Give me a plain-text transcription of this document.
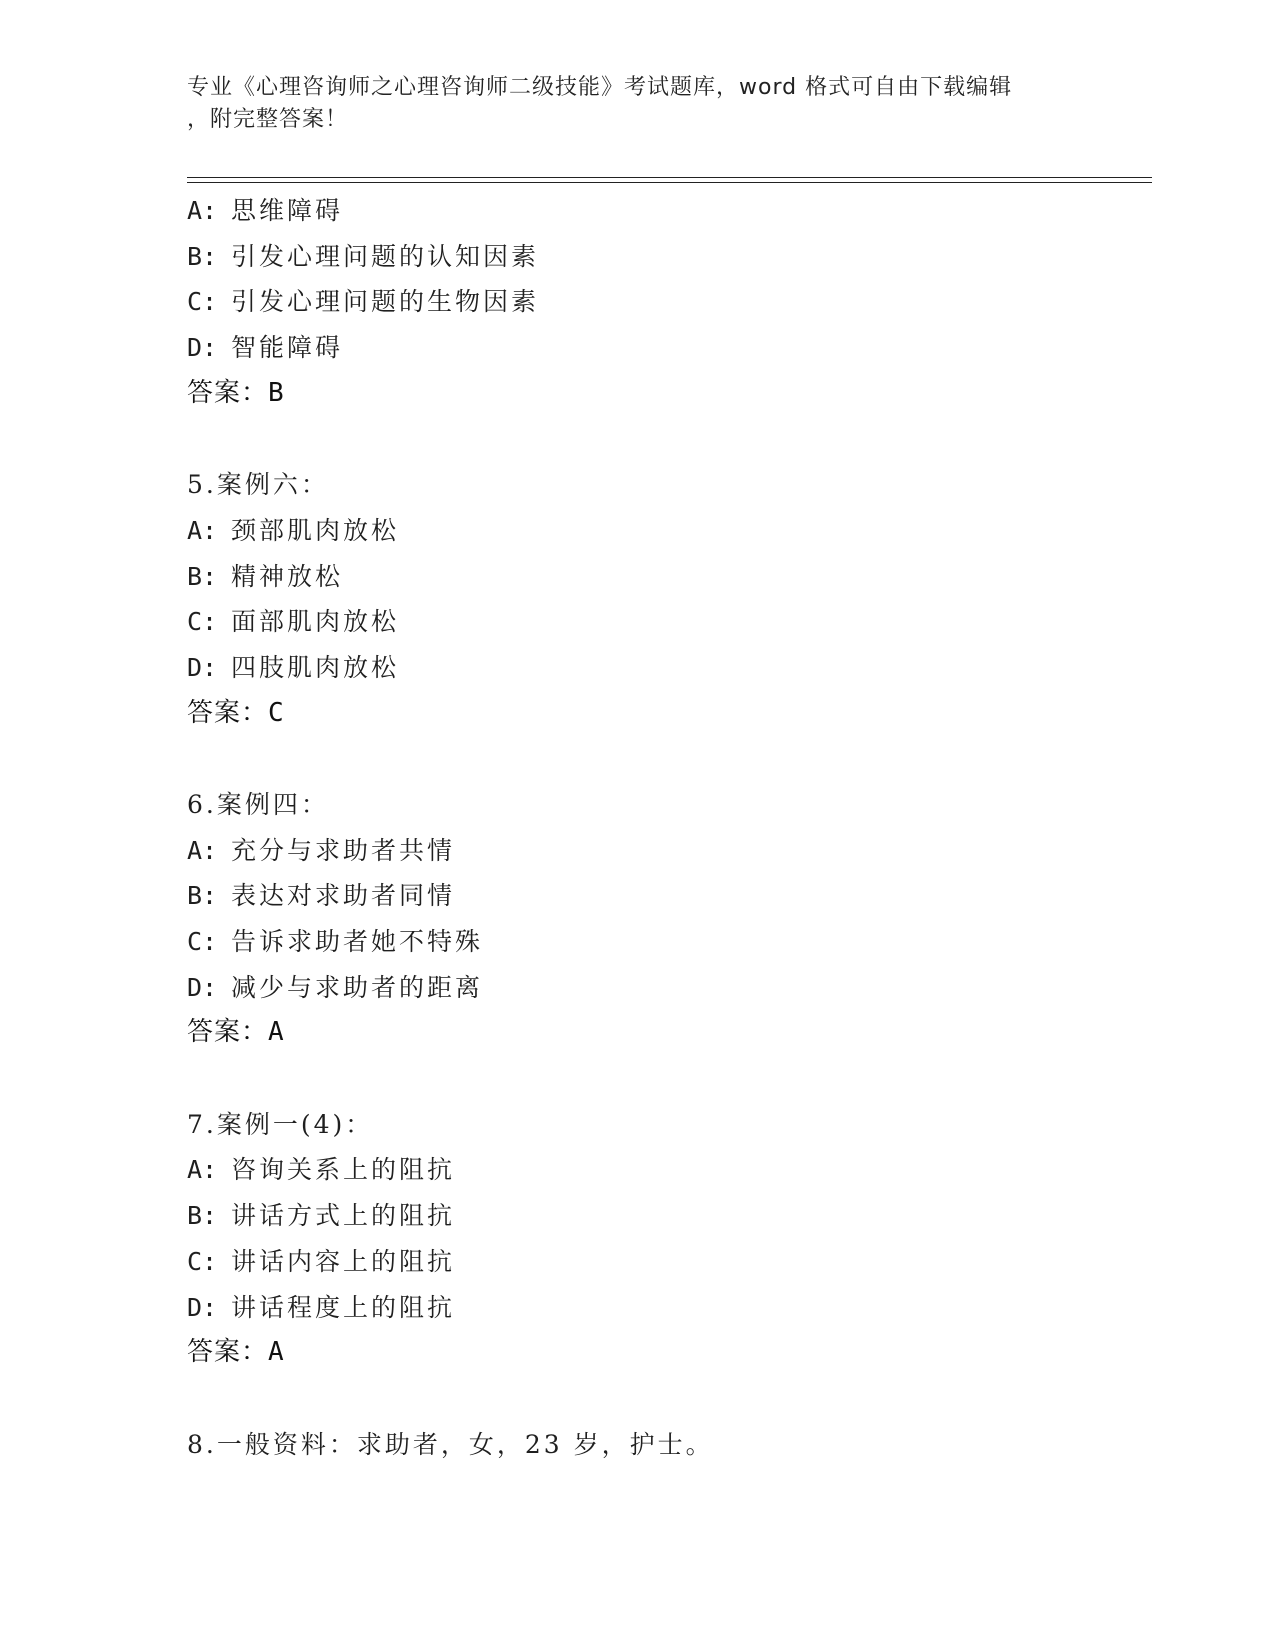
专业《心理咨询师之心理咨询师二级技能》考试题库，word 格式可自由下载编辑
，附完整答案！
A: 思维障碍
B: 引发心理问题的认知因素
C: 引发心理问题的生物因素
D: 智能障碍
答案：B
5.案例六：
A: 颈部肌肉放松
B: 精神放松
C: 面部肌肉放松
D: 四肢肌肉放松
答案：C
6.案例四：
A: 充分与求助者共情
B: 表达对求助者同情
C: 告诉求助者她不特殊
D: 减少与求助者的距离
答案：A
7.案例一(4)：
A: 咨询关系上的阻抗
B: 讲话方式上的阻抗
C: 讲话内容上的阻抗
D: 讲话程度上的阻抗
答案：A
8.一般资料：求助者，女，23 岁，护士。
